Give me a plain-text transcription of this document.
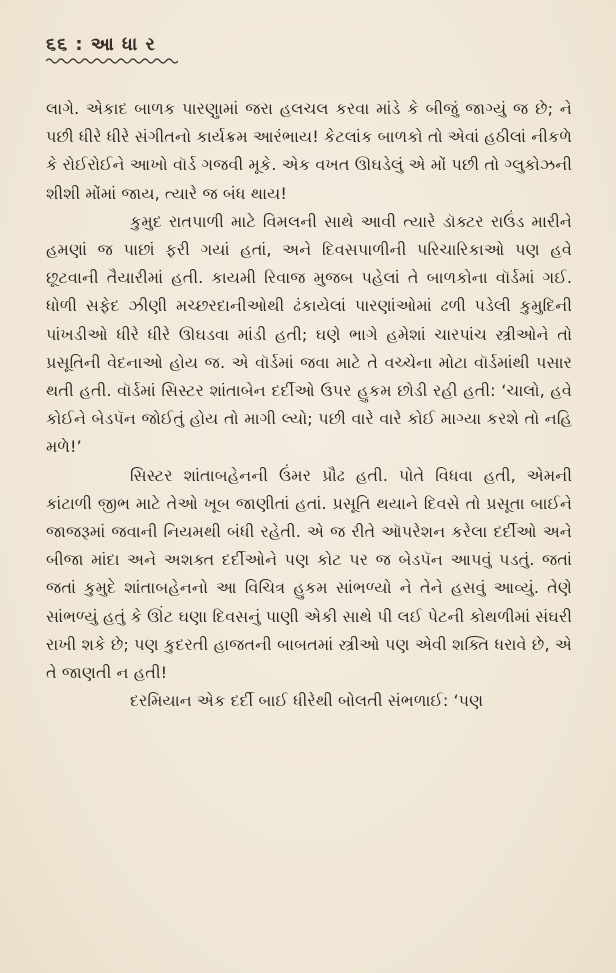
૬૬ : આ ધા ર

લાગે. એકાદ બાળક પારણુામાં જરા હલચલ કરવા માંડે કે બીજું જાગ્યું જ છે; ને પછી ધીરે ધીરે સંગીતનો કાર્યક્રમ આરંભાય! કેટલાંક બાળકો તો એવાં હઠીલાં નીકળે કે રોઈરોઈને આખો વૉર્ડ ગજવી મૂકે. એક વખત ઊઘડેલું એ મોં પછી તો ગ્લુકોઝની શીશી મોંમાં જાય, ત્યારે જ બંધ થાય!

કુમુદ રાતપાળી માટે વિમલની સાથે આવી ત્યારે ડૉક્ટર રાઉંડ મારીને હમણાં જ પાછાં ફરી ગયાં હતાં, અને દિવસપાળીની પરિચારિકાઓ પણ હવે છૂટવાની તૈયારીમાં હતી. કાયમી રિવાજ મુજબ પહેલાં તે બાળકોના વૉર્ડમાં ગઈ. ધોળી સફેદ ઝીણી મચ્છરદાનીઓથી ઢંકાયેલાં પારણાંઓમાં ઢળી પડેલી કુમુદિની પાંખડીઓ ધીરે ધીરે ઊઘડવા માંડી હતી; ઘણે ભાગે હમેશાં ચારપાંચ સ્ત્રીઓને તો પ્રસૂતિની વેદનાઓ હોય જ. એ વૉર્ડમાં જવા માટે તે વચ્ચેના મોટા વૉર્ડમાંથી પસાર થતી હતી. વૉર્ડમાં સિસ્ટર શાંતાબેન દર્દીઓ ઉપર હુકમ છોડી રહી હતી: ‘ચાલો, હવે કોઈને બેડપૅન જોઈતું હોય તો માગી લ્યો; પછી વારે વારે કોઈ માગ્યા કરશે તો નહિ મળે!’

સિસ્ટર શાંતાબહેનની ઉંમર પ્રૌઢ હતી. પોતે વિધવા હતી, એમની કાંટાળી જીભ માટે તેઓ ખૂબ જાણીતાં હતાં. પ્રસૂતિ થયાને દિવસે તો પ્રસૂતા બાઈને જાજરૂમાં જવાની નિયમથી બંધી રહેતી. એ જ રીતે ઑપરેશન કરેલા દર્દીઓ અને બીજા માંદા અને અશક્ત દર્દીઓને પણ કોટ પર જ બેડપૅન આપવું પડતું. જતાં જતાં કુમુદે શાંતાબહેનનો આ વિચિત્ર હુકમ સાંભળ્યો ને તેને હસવું આવ્યું. તેણે સાંભળ્યું હતું કે ઊંટ ઘણા દિવસનું પાણી એકી સાથે પી લઈ પેટની કોથળીમાં સંઘરી રાખી શકે છે; પણ કુદરતી હાજતની બાબતમાં સ્ત્રીઓ પણ એવી શક્તિ ધરાવે છે, એ તે જાણતી ન હતી!

દરમિયાન એક દર્દી બાઈ ધીરેથી બોલતી સંભળાઈ: ‘પણ
